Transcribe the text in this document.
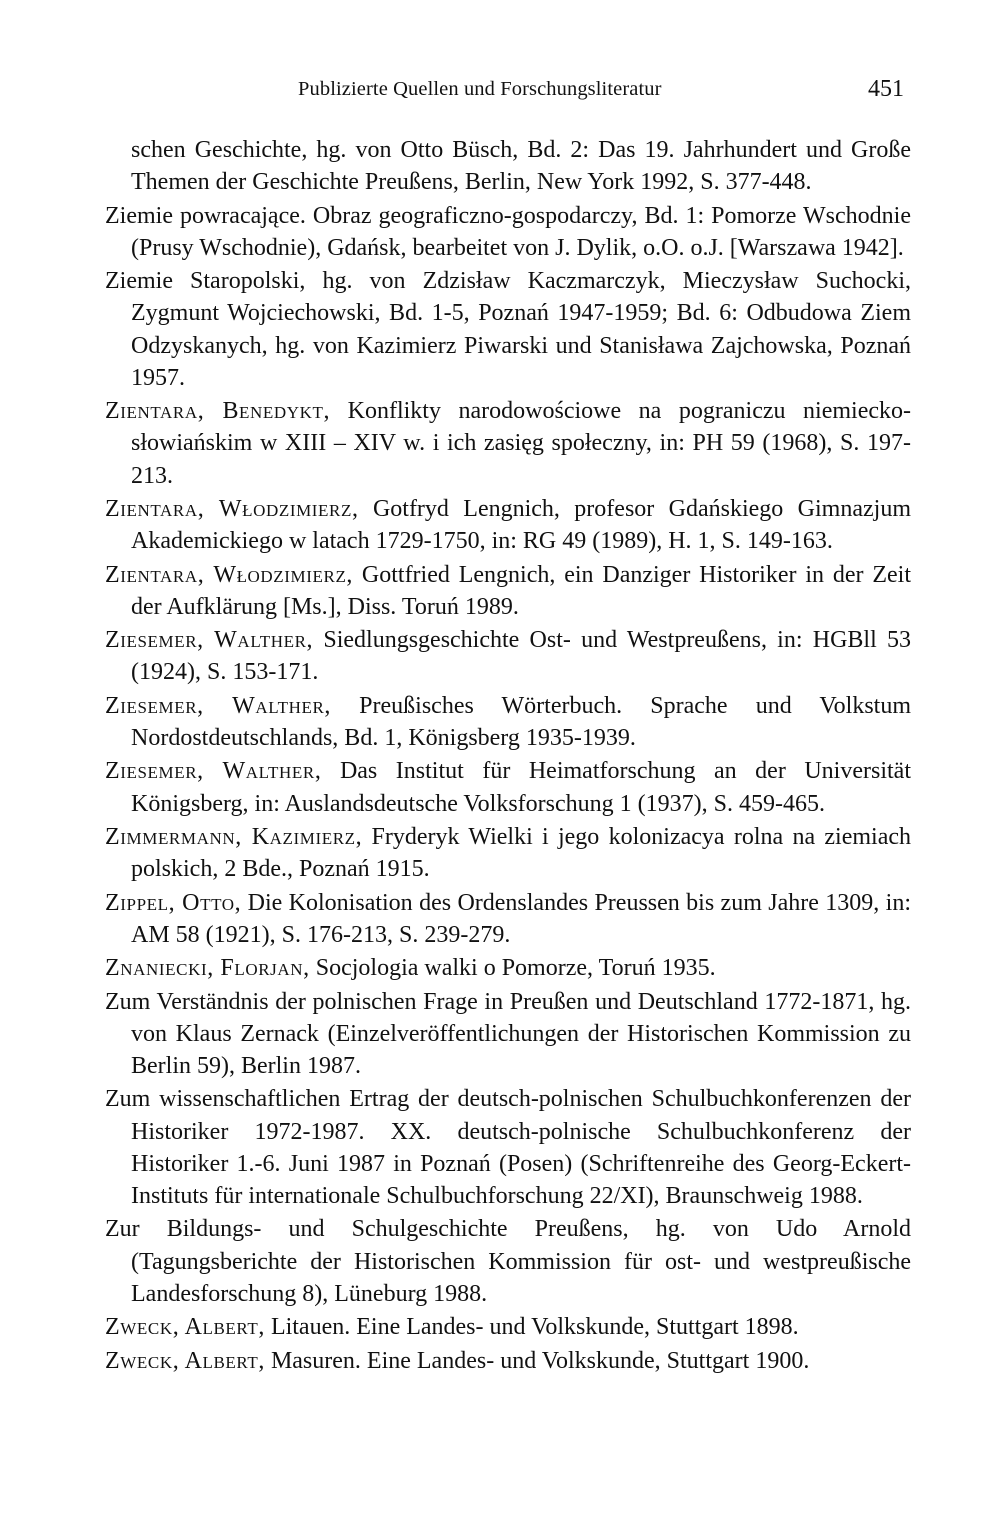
Publizierte Quellen und Forschungsliteratur	451
schen Geschichte, hg. von Otto Büsch, Bd. 2: Das 19. Jahrhundert und Große Themen der Geschichte Preußens, Berlin, New York 1992, S. 377-448.
Ziemie powracające. Obraz geograficzno-gospodarczy, Bd. 1: Pomorze Wschodnie (Prusy Wschodnie), Gdańsk, bearbeitet von J. Dylik, o.O. o.J. [Warszawa 1942].
Ziemie Staropolski, hg. von Zdzisław Kaczmarczyk, Mieczysław Suchocki, Zygmunt Wojciechowski, Bd. 1-5, Poznań 1947-1959; Bd. 6: Odbudowa Ziem Odzyskanych, hg. von Kazimierz Piwarski und Stanisława Zajchowska, Poznań 1957.
Zientara, Benedykt, Konflikty narodowościowe na pograniczu niemiecko-słowiańskim w XIII – XIV w. i ich zasięg społeczny, in: PH 59 (1968), S. 197-213.
Zientara, Włodzimierz, Gotfryd Lengnich, profesor Gdańskiego Gimnazjum Akademickiego w latach 1729-1750, in: RG 49 (1989), H. 1, S. 149-163.
Zientara, Włodzimierz, Gottfried Lengnich, ein Danziger Historiker in der Zeit der Aufklärung [Ms.], Diss. Toruń 1989.
Ziesemer, Walther, Siedlungsgeschichte Ost- und Westpreußens, in: HGBll 53 (1924), S. 153-171.
Ziesemer, Walther, Preußisches Wörterbuch. Sprache und Volkstum Nordostdeutschlands, Bd. 1, Königsberg 1935-1939.
Ziesemer, Walther, Das Institut für Heimatforschung an der Universität Königsberg, in: Auslandsdeutsche Volksforschung 1 (1937), S. 459-465.
Zimmermann, Kazimierz, Fryderyk Wielki i jego kolonizacya rolna na ziemiach polskich, 2 Bde., Poznań 1915.
Zippel, Otto, Die Kolonisation des Ordenslandes Preussen bis zum Jahre 1309, in: AM 58 (1921), S. 176-213, S. 239-279.
Znaniecki, Florjan, Socjologia walki o Pomorze, Toruń 1935.
Zum Verständnis der polnischen Frage in Preußen und Deutschland 1772-1871, hg. von Klaus Zernack (Einzelveröffentlichungen der Historischen Kommission zu Berlin 59), Berlin 1987.
Zum wissenschaftlichen Ertrag der deutsch-polnischen Schulbuchkonferenzen der Historiker 1972-1987. XX. deutsch-polnische Schulbuchkonferenz der Historiker 1.-6. Juni 1987 in Poznań (Posen) (Schriftenreihe des Georg-Eckert-Instituts für internationale Schulbuchforschung 22/XI), Braunschweig 1988.
Zur Bildungs- und Schulgeschichte Preußens, hg. von Udo Arnold (Tagungsberichte der Historischen Kommission für ost- und westpreußische Landesforschung 8), Lüneburg 1988.
Zweck, Albert, Litauen. Eine Landes- und Volkskunde, Stuttgart 1898.
Zweck, Albert, Masuren. Eine Landes- und Volkskunde, Stuttgart 1900.
